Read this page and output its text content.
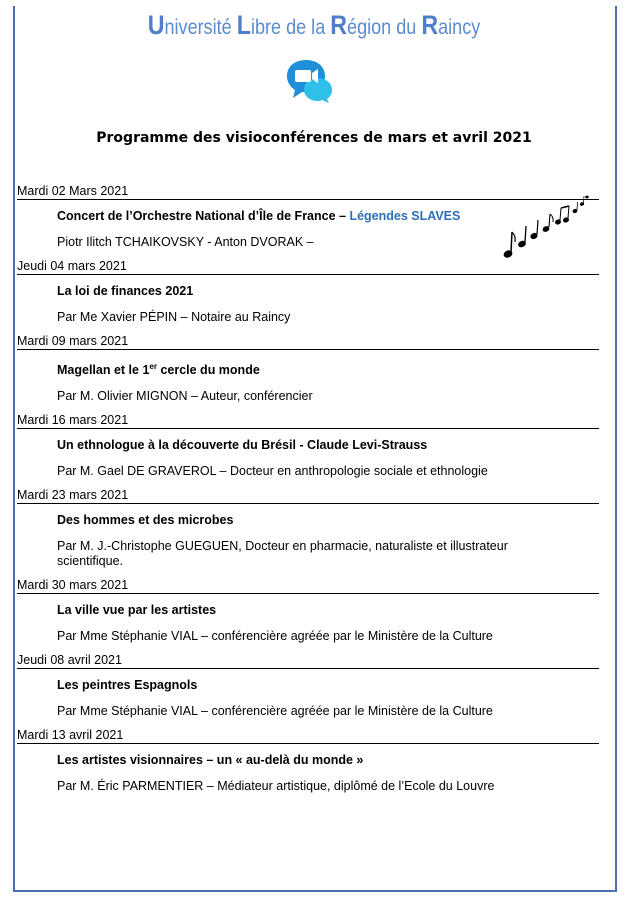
Université Libre de la Région du Raincy
Programme des visioconférences de mars et avril 2021
Mardi 02 Mars 2021
Concert de l’Orchestre National d’Île de France – Légendes SLAVES
Piotr Ilitch TCHAIKOVSKY - Anton DVORAK –
Jeudi 04 mars 2021
La loi de finances 2021
Par Me Xavier PÉPIN – Notaire au Raincy
Mardi 09 mars 2021
Magellan et le 1er cercle du monde
Par M. Olivier MIGNON – Auteur, conférencier
Mardi 16 mars 2021
Un ethnologue à la découverte du Brésil - Claude Levi-Strauss
Par M. Gael DE GRAVEROL – Docteur en anthropologie sociale et ethnologie
Mardi 23 mars 2021
Des hommes et des microbes
Par M. J.-Christophe GUEGUEN, Docteur en pharmacie, naturaliste et illustrateur scientifique.
Mardi 30 mars 2021
La ville vue par les artistes
Par Mme Stéphanie VIAL – conférencière agréée par le Ministère de la Culture
Jeudi 08 avril 2021
Les peintres Espagnols
Par Mme Stéphanie VIAL – conférencière agréée par le Ministère de la Culture
Mardi 13 avril 2021
Les artistes visionnaires – un « au-delà du monde »
Par M. Éric PARMENTIER – Médiateur artistique, diplômé de l’Ecole du Louvre
